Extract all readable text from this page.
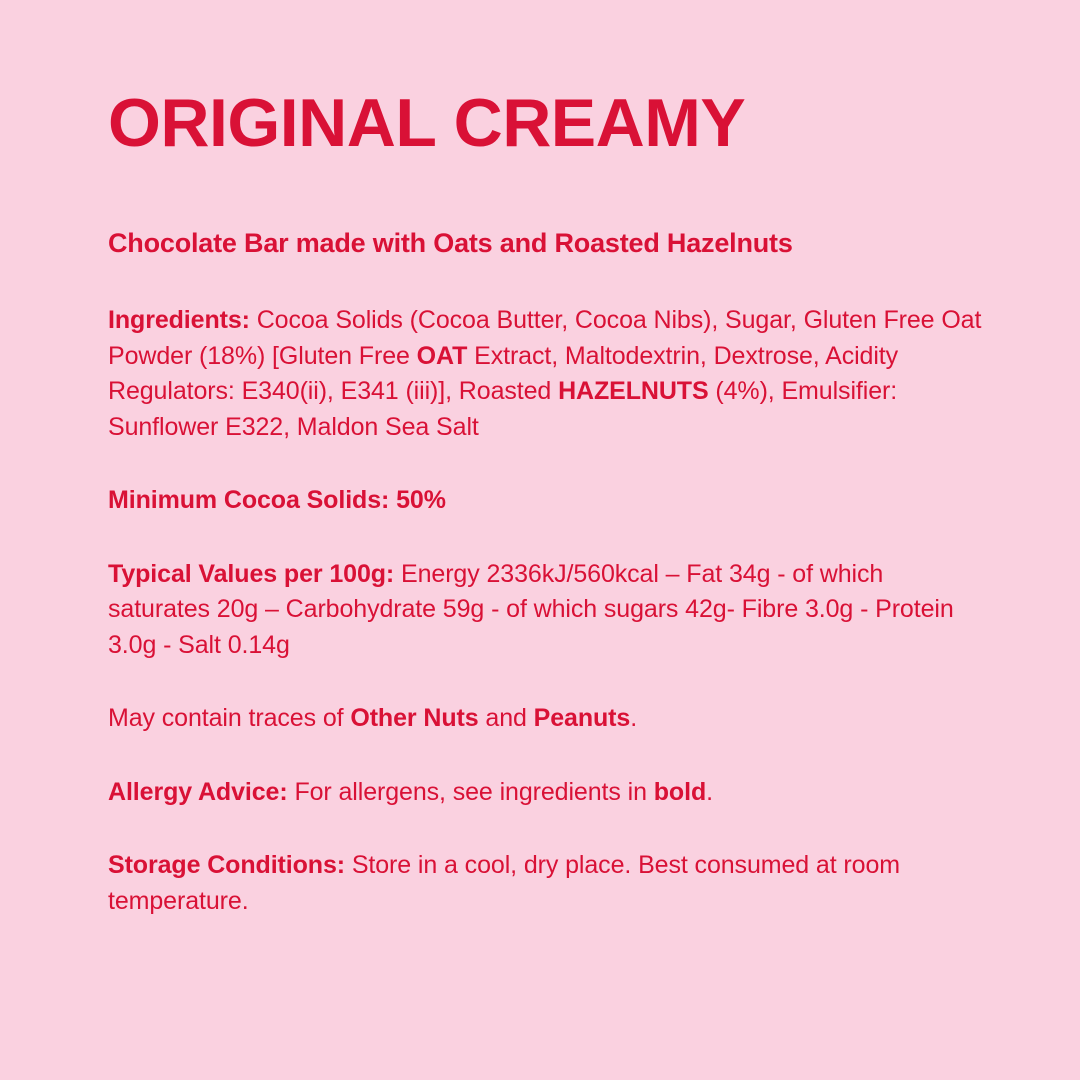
ORIGINAL CREAMY
Chocolate Bar made with Oats and Roasted Hazelnuts

Ingredients: Cocoa Solids (Cocoa Butter, Cocoa Nibs), Sugar, Gluten Free Oat Powder (18%) [Gluten Free OAT Extract, Maltodextrin, Dextrose, Acidity Regulators: E340(ii), E341 (iii)], Roasted HAZELNUTS (4%), Emulsifier: Sunflower E322, Maldon Sea Salt

Minimum Cocoa Solids: 50%

Typical Values per 100g: Energy 2336kJ/560kcal – Fat 34g - of which saturates 20g – Carbohydrate 59g - of which sugars 42g- Fibre 3.0g - Protein 3.0g - Salt 0.14g

May contain traces of Other Nuts and Peanuts.

Allergy Advice: For allergens, see ingredients in bold.

Storage Conditions: Store in a cool, dry place. Best consumed at room temperature.
